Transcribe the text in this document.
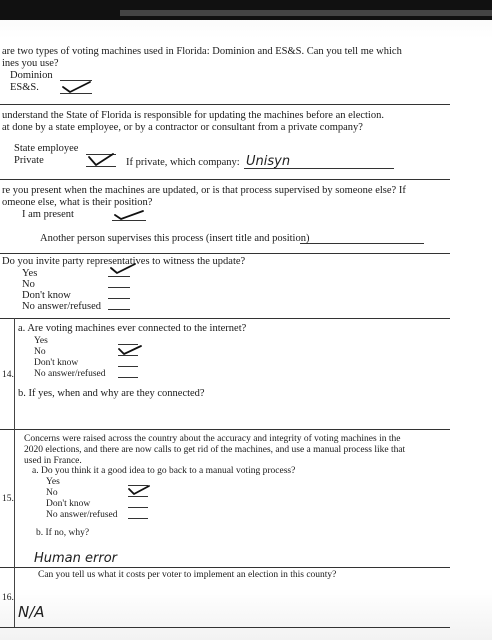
are two types of voting machines used in Florida: Dominion and ES&S. Can you tell me which
ines you use?
Dominion
ES&S.
understand the State of Florida is responsible for updating the machines before an election.
at done by a state employee, or by a contractor or consultant from a private company?
State employee
Private	If private, which company: Unisyn
re you present when the machines are updated, or is that process supervised by someone else? If
omeone else, what is their position?
I am present
Another person supervises this process (insert title and position)
Do you invite party representatives to witness the update?
Yes
No
Don't know
No answer/refused
14.
a. Are voting machines ever connected to the internet?
Yes
No
Don't know
No answer/refused
b. If yes, when and why are they connected?
15.
Concerns were raised across the country about the accuracy and integrity of voting machines in the
2020 elections, and there are now calls to get rid of the machines, and use a manual process like that
used in France.
a. Do you think it a good idea to go back to a manual voting process?
Yes
No
Don't know
No answer/refused
b. If no, why?
Human error
16.
Can you tell us what it costs per voter to implement an election in this county?
N/A
